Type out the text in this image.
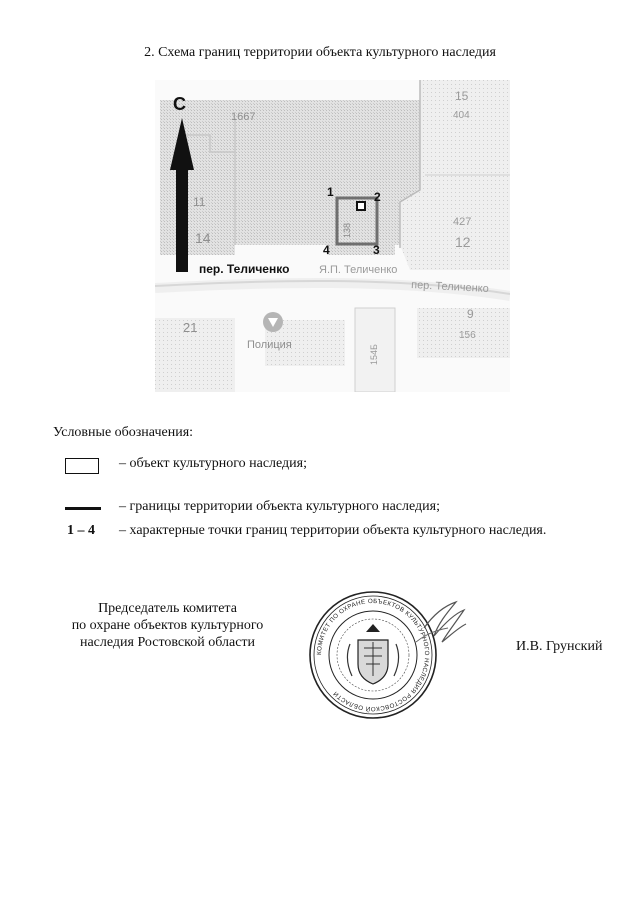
2. Схема границ территории объекта культурного наследия
С
1	2
3
4
15
404
1667
11
14	138
427
12
21
9
156
154Б
пер. Теличенко	Я.П. Теличенко
пер. Теличенко
Полиция
Условные обозначения:
– объект культурного наследия;
– границы территории объекта культурного наследия;
1 – 4 – характерные точки границ территории объекта культурного наследия.
Председатель комитета
по охране объектов культурного
наследия Ростовской области	И.В. Грунский
КОМИТЕТ ПО ОХРАНЕ ОБЪЕКТОВ КУЛЬТУРНОГО НАСЛЕДИЯ РОСТОВСКОЙ ОБЛАСТИ
